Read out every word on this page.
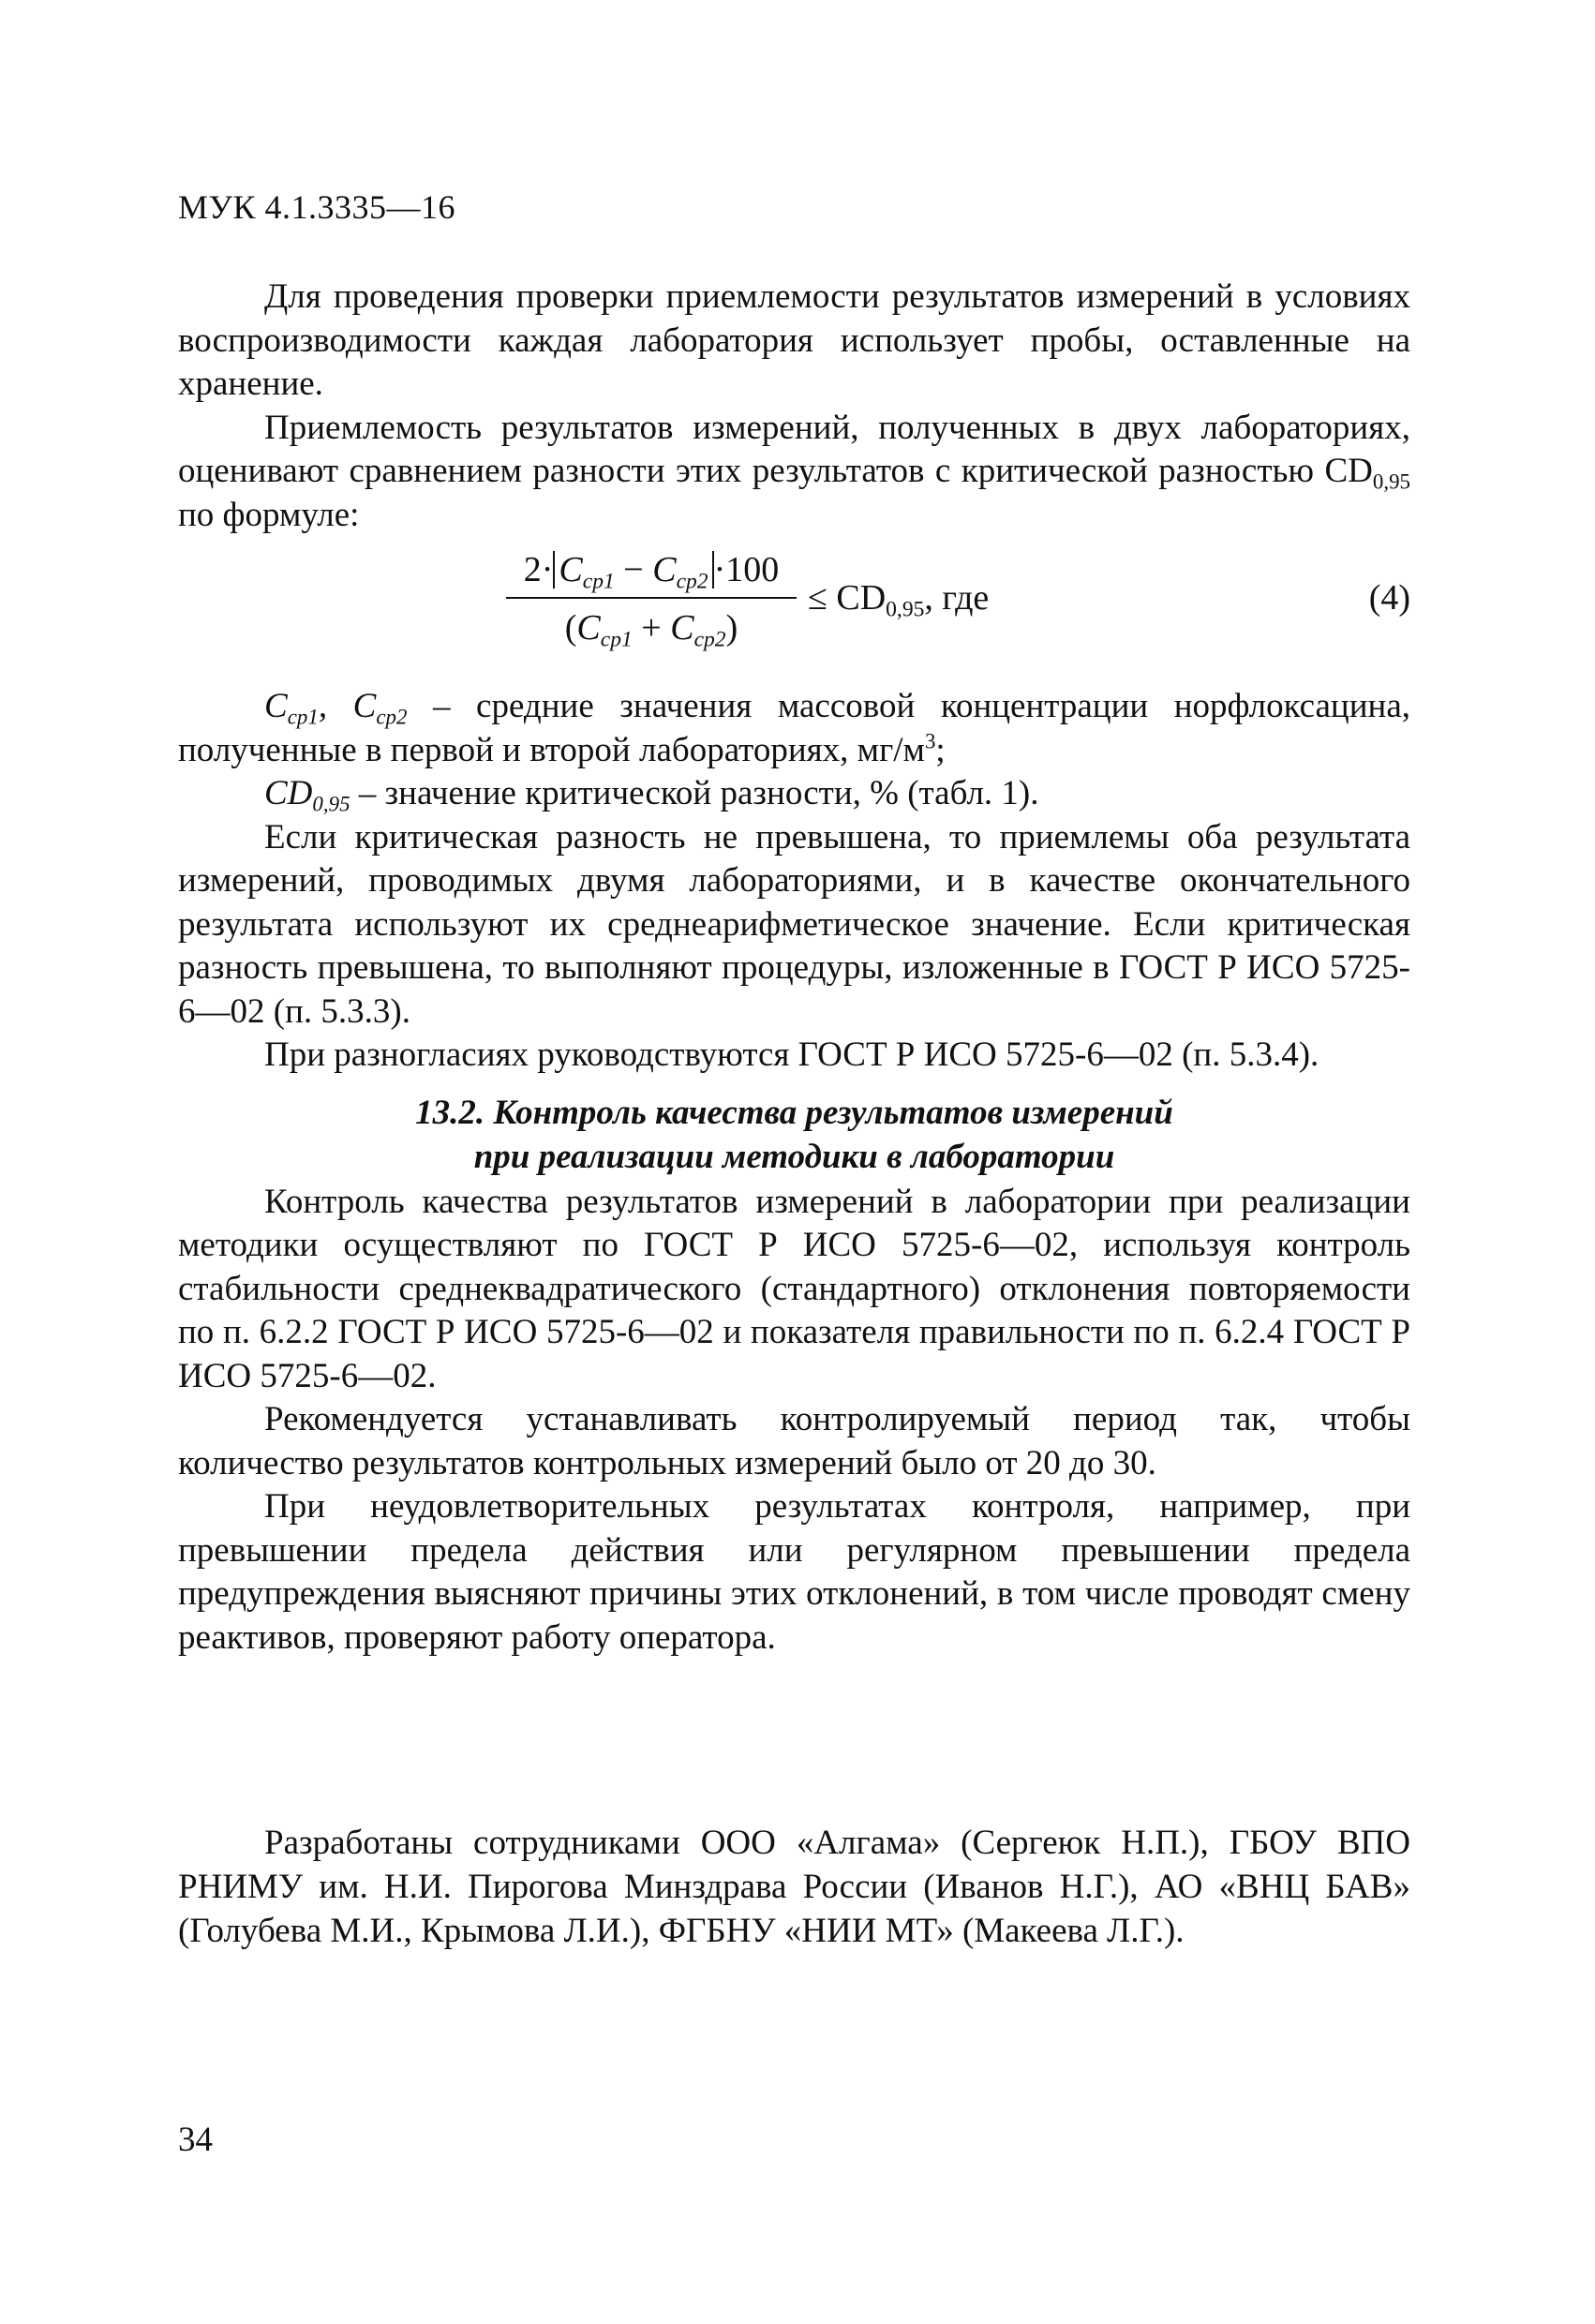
МУК 4.1.3335—16

Для проведения проверки приемлемости результатов измерений в условиях воспроизводимости каждая лаборатория использует пробы, оставленные на хранение.

Приемлемость результатов измерений, полученных в двух лабораториях, оценивают сравнением разности этих результатов с критической разностью $CD_{0,95}$ по формуле:

$2\cdot C_{cp1} - C_{cp2} \cdot 100$
$(C_{cp1} + C_{cp2})$
≤ $CD_{0,95}$, где	(4)

$C_{cp1}$, $C_{cp2}$ – средние значения массовой концентрации норфлоксацина, полученные в первой и второй лабораториях, $мг/м^3$;

$CD_{0,95}$ – значение критической разности, % (табл. 1).

Если критическая разность не превышена, то приемлемы оба результата измерений, проводимых двумя лабораториями, и в качестве окончательного результата используют их среднеарифметическое значение. Если критическая разность превышена, то выполняют процедуры, изложенные в ГОСТ Р ИСО 5725-6—02 (п. 5.3.3).

При разногласиях руководствуются ГОСТ Р ИСО 5725-6—02 (п. 5.3.4).

13.2. Контроль качества результатов измерений
при реализации методики в лаборатории

Контроль качества результатов измерений в лаборатории при реализации методики осуществляют по ГОСТ Р ИСО 5725-6—02, используя контроль стабильности среднеквадратического (стандартного) отклонения повторяемости по п. 6.2.2 ГОСТ Р ИСО 5725-6—02 и показателя правильности по п. 6.2.4 ГОСТ Р ИСО 5725-6—02.

Рекомендуется устанавливать контролируемый период так, чтобы количество результатов контрольных измерений было от 20 до 30.

При неудовлетворительных результатах контроля, например, при превышении предела действия или регулярном превышении предела предупреждения выясняют причины этих отклонений, в том числе проводят смену реактивов, проверяют работу оператора.

Разработаны сотрудниками ООО «Алгама» (Сергеюк Н.П.), ГБОУ ВПО РНИМУ им. Н.И. Пирогова Минздрава России (Иванов Н.Г.), АО «ВНЦ БАВ» (Голубева М.И., Крымова Л.И.), ФГБНУ «НИИ МТ» (Макеева Л.Г.).

34
